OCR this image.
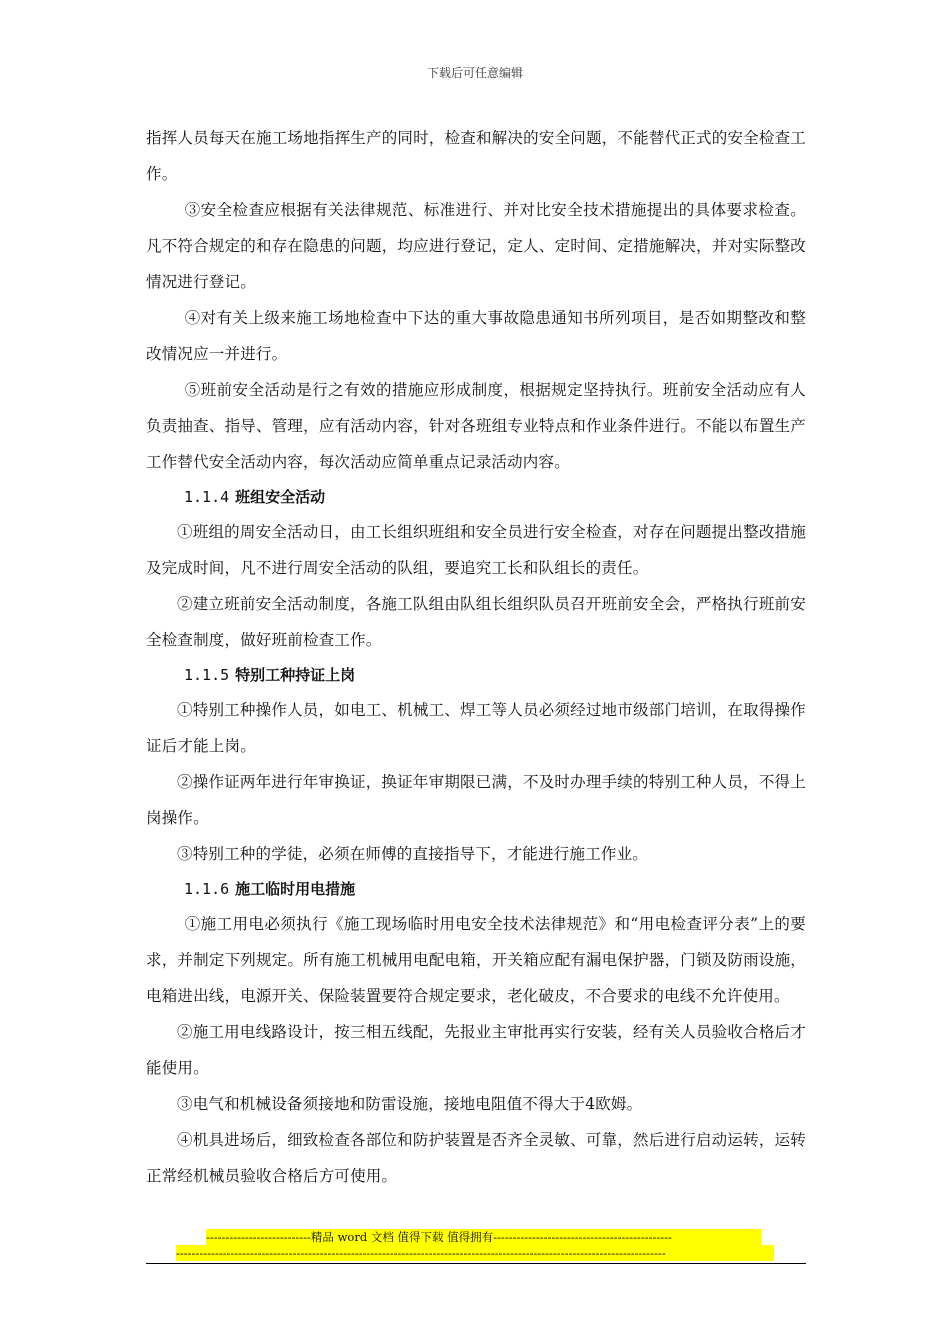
下载后可任意编辑

指挥人员每天在施工场地指挥生产的同时，检查和解决的安全问题，不能替代正式的安全检查工作。

③安全检查应根据有关法律规范、标准进行、并对比安全技术措施提出的具体要求检查。凡不符合规定的和存在隐患的问题，均应进行登记，定人、定时间、定措施解决，并对实际整改情况进行登记。

④对有关上级来施工场地检查中下达的重大事故隐患通知书所列项目，是否如期整改和整改情况应一并进行。

⑤班前安全活动是行之有效的措施应形成制度，根据规定坚持执行。班前安全活动应有人负责抽查、指导、管理，应有活动内容，针对各班组专业特点和作业条件进行。不能以布置生产工作替代安全活动内容，每次活动应简单重点记录活动内容。

1.1.4 班组安全活动

①班组的周安全活动日，由工长组织班组和安全员进行安全检查，对存在问题提出整改措施及完成时间，凡不进行周安全活动的队组，要追究工长和队组长的责任。

②建立班前安全活动制度，各施工队组由队组长组织队员召开班前安全会，严格执行班前安全检查制度，做好班前检查工作。

1.1.5 特别工种持证上岗

①特别工种操作人员，如电工、机械工、焊工等人员必须经过地市级部门培训，在取得操作证后才能上岗。

②操作证两年进行年审换证，换证年审期限已满，不及时办理手续的特别工种人员，不得上岗操作。

③特别工种的学徒，必须在师傅的直接指导下，才能进行施工作业。

1.1.6 施工临时用电措施

①施工用电必须执行《施工现场临时用电安全技术法律规范》和“用电检查评分表”上的要求，并制定下列规定。所有施工机械用电配电箱，开关箱应配有漏电保护器，门锁及防雨设施，电箱进出线，电源开关、保险装置要符合规定要求，老化破皮，不合要求的电线不允许使用。

②施工用电线路设计，按三相五线配，先报业主审批再实行安装，经有关人员验收合格后才能使用。

③电气和机械设备须接地和防雷设施，接地电阻值不得大于4欧姆。

④机具进场后，细致检查各部位和防护装置是否齐全灵敏、可靠，然后进行启动运转，运转正常经机械员验收合格后方可使用。

---------------------------精品 word 文档 值得下载 值得拥有----------------------------------------------
------------------------------------------------------------------------------------------------------------------------------
